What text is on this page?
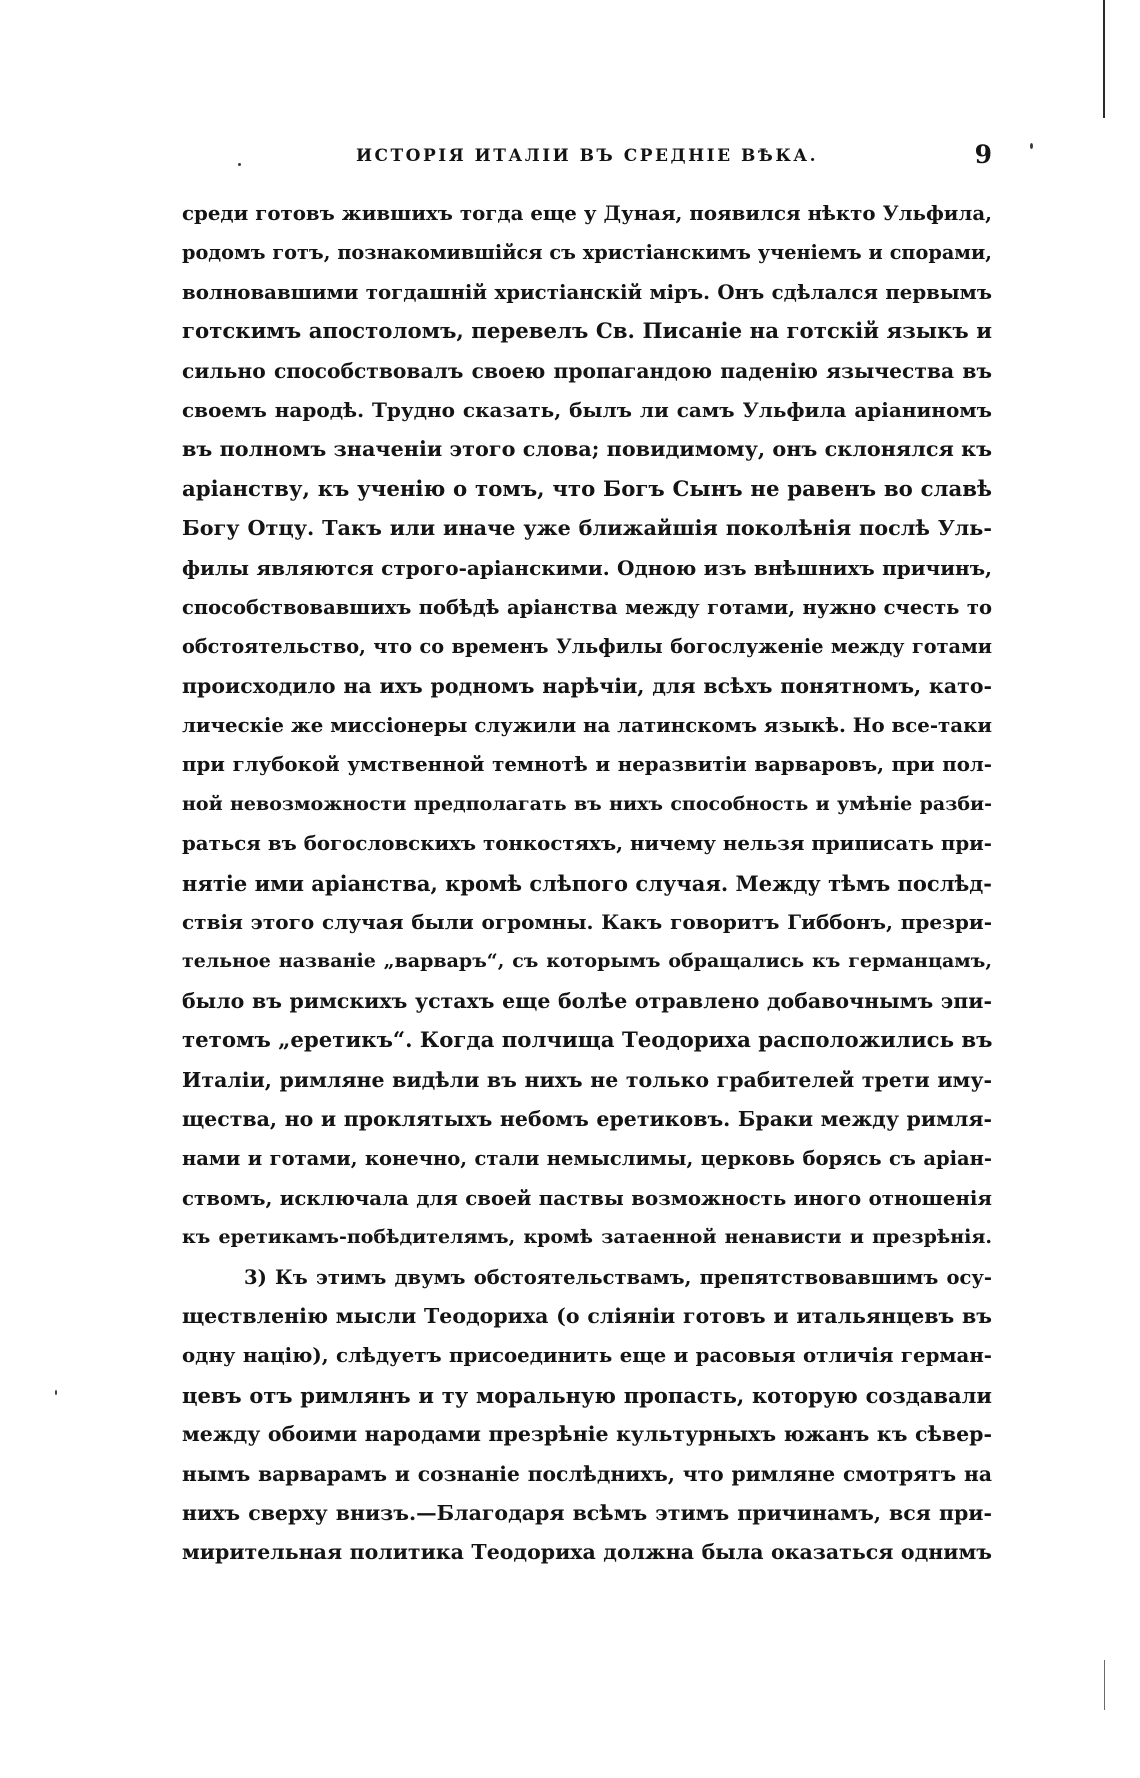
ИСТОРІЯ ИТАЛІИ ВЪ СРЕДНІЕ ВѢКА.	9
среди готовъ жившихъ тогда еще у Дуная, появился нѣкто Ульфила,
родомъ готъ, познакомившійся съ христіанскимъ ученіемъ и спорами,
волновавшими тогдашній христіанскій міръ. Онъ сдѣлался первымъ
готскимъ апостоломъ, перевелъ Св. Писаніе на готскій языкъ и
сильно способствовалъ своею пропагандою паденію язычества въ
своемъ народѣ. Трудно сказать, былъ ли самъ Ульфила аріаниномъ
въ полномъ значеніи этого слова; повидимому, онъ склонялся къ
аріанству, къ ученію о томъ, что Богъ Сынъ не равенъ во славѣ
Богу Отцу. Такъ или иначе уже ближайшія поколѣнія послѣ Уль-
филы являются строго-аріанскими. Одною изъ внѣшнихъ причинъ,
способствовавшихъ побѣдѣ аріанства между готами, нужно счесть то
обстоятельство, что со временъ Ульфилы богослуженіе между готами
происходило на ихъ родномъ нарѣчіи, для всѣхъ понятномъ, като-
лическіе же миссіонеры служили на латинскомъ языкѣ. Но все-таки
при глубокой умственной темнотѣ и неразвитіи варваровъ, при пол-
ной невозможности предполагать въ нихъ способность и умѣніе разби-
раться въ богословскихъ тонкостяхъ, ничему нельзя приписать при-
нятіе ими аріанства, кромѣ слѣпого случая. Между тѣмъ послѣд-
ствія этого случая были огромны. Какъ говоритъ Гиббонъ, презри-
тельное названіе „варваръ“, съ которымъ обращались къ германцамъ,
было въ римскихъ устахъ еще болѣе отравлено добавочнымъ эпи-
тетомъ „еретикъ“. Когда полчища Теодориха расположились въ
Италіи, римляне видѣли въ нихъ не только грабителей трети иму-
щества, но и проклятыхъ небомъ еретиковъ. Браки между римля-
нами и готами, конечно, стали немыслимы, церковь борясь съ аріан-
ствомъ, исключала для своей паствы возможность иного отношенія
къ еретикамъ-побѣдителямъ, кромѣ затаенной ненависти и презрѣнія.
3) Къ этимъ двумъ обстоятельствамъ, препятствовавшимъ осу-
ществленію мысли Теодориха (о сліяніи готовъ и итальянцевъ въ
одну націю), слѣдуетъ присоединить еще и расовыя отличія герман-
цевъ отъ римлянъ и ту моральную пропасть, которую создавали
между обоими народами презрѣніе культурныхъ южанъ къ сѣвер-
нымъ варварамъ и сознаніе послѣднихъ, что римляне смотрятъ на
нихъ сверху внизъ.—Благодаря всѣмъ этимъ причинамъ, вся при-
мирительная политика Теодориха должна была оказаться однимъ
